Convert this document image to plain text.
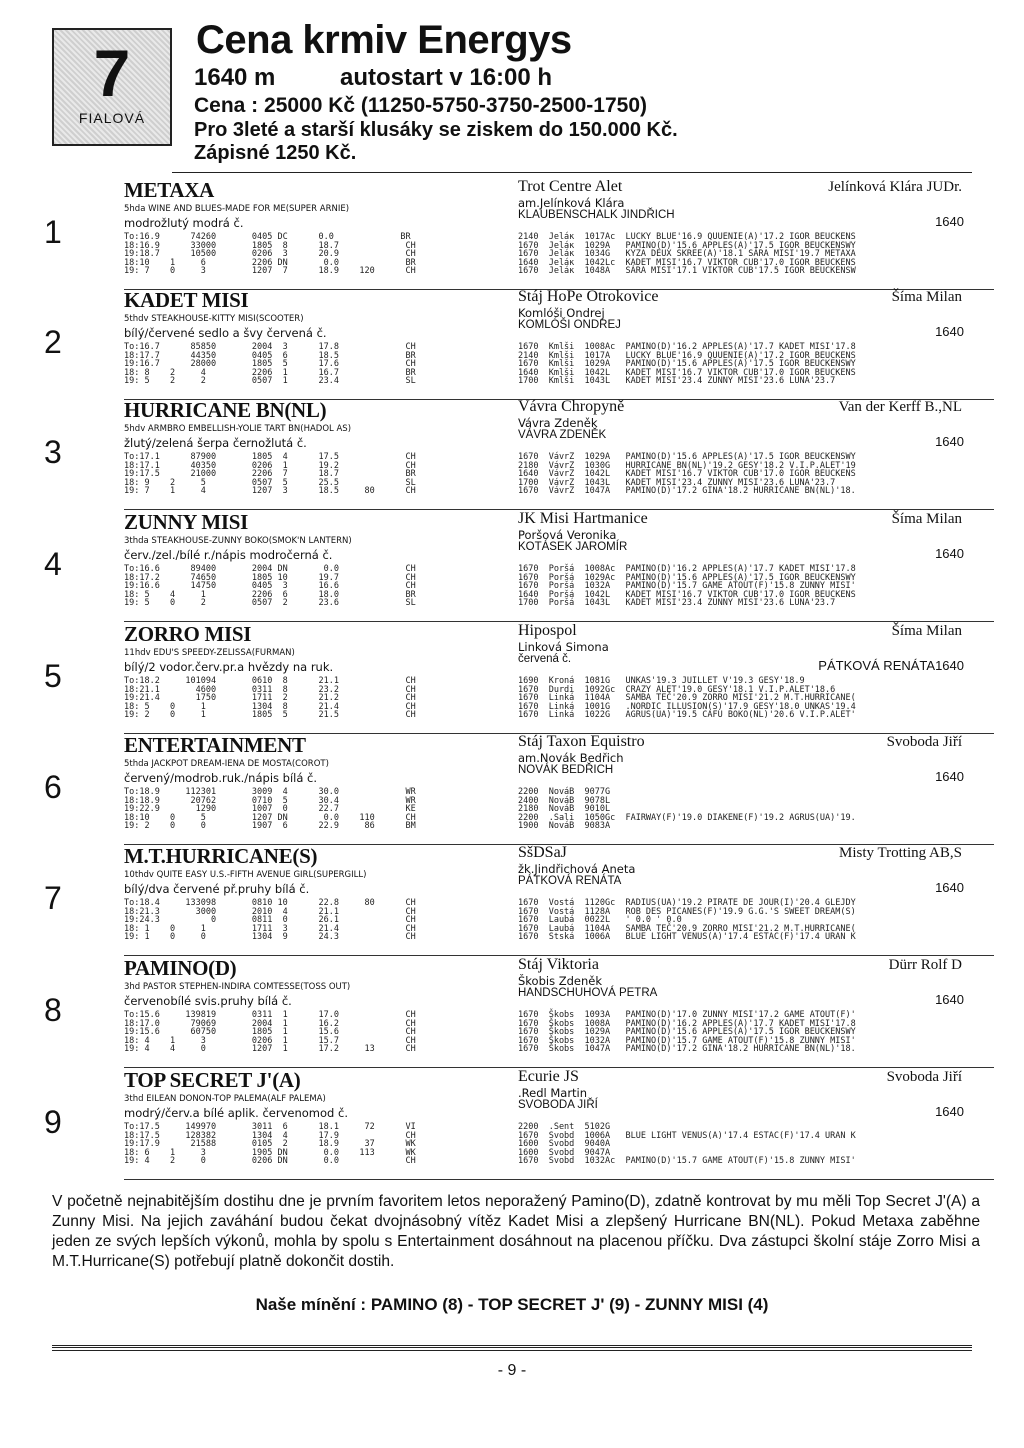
7
FIALOVÁ
Cena krmiv Energys
1640 m	autostart v 16:00 h
Cena : 25000 Kč (11250-5750-3750-2500-1750)
Pro 3leté a starší klusáky se ziskem do 150.000 Kč.
Zápisné 1250 Kč.
1
METAXA
5hda WINE AND BLUES-MADE FOR ME(SUPER ARNIE)
modrožlutý modrá č.
To:16.9      74260       0405 DC      0.0             BR
18:16.9      33000       1805  8      18.7             CH
19:18.7      10500       0206  3      20.9             CH
18:10    1     6         2206 DN       0.0             BR
19: 7    0     3         1207  7      18.9    120      CH
Trot Centre Alet	Jelínková Klára JUDr.
am.Jelínková Klára
KLAUBENSCHALK JINDŘICH	1640
2140  Jeláк  1017Ac  LUCKY BLUE'16.9 QUUENIE(A)'17.2 IGOR BEUCKENS
1670  Jeláк  1029A   PAMINO(D)'15.6 APPLES(A)'17.5 IGOR BEUCKENSWY
1670  Jeláк  1034G   KYZA DEUX SKREE(A)'18.1 SÁRA MISI'19.7 METAXA
1640  Jeláк  1042Lc  KADET MISI'16.7 VIKTOR CUB'17.0 IGOR BEUCKENS
1670  Jeláк  1048A   SÁRA MISI'17.1 VIKTOR CUB'17.5 IGOR BEUCKENSW
2
KADET MISI
5thdv STEAKHOUSE-KITTY MISI(SCOOTER)
bílý/červené sedlo a švy červená č.
To:16.7      85850       2004  3      17.8             CH
18:17.7      44350       0405  6      18.5             BR
19:16.7      28000       1805  5      17.6             CH
18: 8    2     4         2206  1      16.7             BR
19: 5    2     2         0507  1      23.4             SL
Stáj HoPe Otrokovice	Šíma Milan
Komlóši Ondrej
KOMLÓŠI ONDREJ	1640
1670  Kmlši  1008Ac  PAMINO(D)'16.2 APPLES(A)'17.7 KADET MISI'17.8
2140  Kmlši  1017A   LUCKY BLUE'16.9 QUUENIE(A)'17.2 IGOR BEUCKENS
1670  Kmlši  1029A   PAMINO(D)'15.6 APPLES(A)'17.5 IGOR BEUCKENSWY
1640  Kmlši  1042L   KADET MISI'16.7 VIKTOR CUB'17.0 IGOR BEUCKENS
1700  Kmlši  1043L   KADET MISI'23.4 ZUNNY MISI'23.6 LUNA'23.7
3
HURRICANE BN(NL)
5hdv ARMBRO EMBELLISH-YOLIE TART BN(HADOL AS)
žlutý/zelená šerpa černožlutá č.
To:17.1      87900       1805  4      17.5             CH
18:17.1      40350       0206  1      19.2             CH
19:17.5      21000       2206  7      18.7             BR
18: 9    2     5         0507  5      25.5             SL
19: 7    1     4         1207  3      18.5     80      CH
Vávra Chropyně	Van der Kerff B.,NL
Vávra Zdeněk
VÁVRA ZDENĚK	1640
1670  VávrZ  1029A   PAMINO(D)'15.6 APPLES(A)'17.5 IGOR BEUCKENSWY
2180  VávrZ  1030G   HURRICANE BN(NL)'19.2 GESY'18.2 V.I.P.ALET'19
1640  VávrZ  1042L   KADET MISI'16.7 VIKTOR CUB'17.0 IGOR BEUCKENS
1700  VávrZ  1043L   KADET MISI'23.4 ZUNNY MISI'23.6 LUNA'23.7
1670  VávrZ  1047A   PAMINO(D)'17.2 GINA'18.2 HURRICANE BN(NL)'18.
4
ZUNNY MISI
3thda STEAKHOUSE-ZUNNY BOKO(SMOK'N LANTERN)
červ./zel./bílé r./nápis modročerná č.
To:16.6      89400       2004 DN       0.0             CH
18:17.2      74650       1805 10      19.7             CH
19:16.6      14750       0405  3      16.6             CH
18: 5    4     1         2206  6      18.0             BR
19: 5    0     2         0507  2      23.6             SL
JK Misi Hartmanice	Šíma Milan
Poršová Veronika
KOTÁSEK JAROMÍR	1640
1670  Poršá  1008Ac  PAMINO(D)'16.2 APPLES(A)'17.7 KADET MISI'17.8
1670  Poršá  1029Ac  PAMINO(D)'15.6 APPLES(A)'17.5 IGOR BEUCKENSWY
1670  Poršá  1032A   PAMINO(D)'15.7 GAME ATOUT(F)'15.8 ZUNNY MISI'
1640  Poršá  1042L   KADET MISI'16.7 VIKTOR CUB'17.0 IGOR BEUCKENS
1700  Poršá  1043L   KADET MISI'23.4 ZUNNY MISI'23.6 LUNA'23.7
5
ZORRO MISI
11hdv EDU'S SPEEDY-ZELISSA(FURMAN)
bílý/2 vodor.červ.pr.a hvězdy na ruk.
To:18.2     101094       0610  8      21.1             CH
18:21.1       4600       0311  8      23.2             CH
19:21.4       1750       1711  2      21.2             CH
18: 5    0     1         1304  8      21.4             CH
19: 2    0     1         1805  5      21.5             CH
Hipospol	Šíma Milan
Linková Simona
červená č.	PÁTKOVÁ RENÁTA1640
1690  Kroná  1081G   UNKAS'19.3 JUILLET V'19.3 GESY'18.9
1670  Durdi  1092Gc  CRAZY ALET'19.0 GESY'18.1 V.I.P.ALET'18.6
1670  Linká  1104A   SAMBA TEČ'20.9 ZORRO MISI'21.2 M.T.HURRICANE(
1670  Linká  1001G   .NORDIC ILLUSION(S)'17.9 GESY'18.0 UNKAS'19.4
1670  Linká  1022G   AGRUS(UA)'19.5 CAFU BOKO(NL)'20.6 V.I.P.ALET'
6
ENTERTAINMENT
5thda JACKPOT DREAM-IENA DE MOSTA(COROT)
červený/modrob.ruk./nápis bílá č.
To:18.9     112301       3009  4      30.0             WR
18:18.9      20762       0710  5      30.4             WR
19:22.9       1290       1007  0      22.7             KE
18:10    0     5         1207 DN       0.0    110      CH
19: 2    0     0         1907  6      22.9     86      BM
Stáj Taxon Equistro	Svoboda Jiří
am.Novák Bedřich
NOVÁK BEDŘICH	1640
2200  NováB  9077G
2400  NováB  9078L
2180  NováB  9010L
2200  .Sali  1050Gc  FAIRWAY(F)'19.0 DIAKENE(F)'19.2 AGRUS(UA)'19.
1900  NováB  9083A
7
M.T.HURRICANE(S)
10thdv QUITE EASY U.S.-FIFTH AVENUE GIRL(SUPERGILL)
bílý/dva červené př.pruhy bílá č.
To:18.4     133098       0810 10      22.8     80      CH
18:21.3       3000       2010  4      21.1             CH
19:24.3          0       0811  0      26.1             CH
18: 1    0     1         1711  3      21.4             CH
19: 1    0     0         1304  9      24.3             CH
SšDSaJ	Misty Trotting AB,S
žk.Jindřichová Aneta
PÁTKOVÁ RENÁTA	1640
1670  Vostá  1120Gc  RADIUS(UA)'19.2 PIRATE DE JOUR(I)'20.4 GLEJDY
1670  Vostá  1128A   ROB DES PICANES(F)'19.9 G.G.'S SWEET DREAM(S)
1670  Laubá  0022L   ' 0.0 ' 0.0
1670  Laubá  1104A   SAMBA TEČ'20.9 ZORRO MISI'21.2 M.T.HURRICANE(
1670  Stská  1006A   BLUE LIGHT VENUS(A)'17.4 ESTAC(F)'17.4 URAN K
8
PAMINO(D)
3hd PASTOR STEPHEN-INDIRA COMTESSE(TOSS OUT)
červenobílé svis.pruhy bílá č.
To:15.6     139819       0311  1      17.0             CH
18:17.0      79069       2004  1      16.2             CH
19:15.6      60750       1805  1      15.6             CH
18: 4    1     3         0206  1      15.7             CH
19: 4    4     0         1207  1      17.2     13      CH
Stáj Viktoria	Dürr Rolf D
Škobis Zdeněk
HANDSCHUHOVÁ PETRA	1640
1670  Škobs  1093A   PAMINO(D)'17.0 ZUNNY MISI'17.2 GAME ATOUT(F)'
1670  Škobs  1008A   PAMINO(D)'16.2 APPLES(A)'17.7 KADET MISI'17.8
1670  Škobs  1029A   PAMINO(D)'15.6 APPLES(A)'17.5 IGOR BEUCKENSWY
1670  Škobs  1032A   PAMINO(D)'15.7 GAME ATOUT(F)'15.8 ZUNNY MISI'
1670  Škobs  1047A   PAMINO(D)'17.2 GINA'18.2 HURRICANE BN(NL)'18.
9
TOP SECRET J'(A)
3thd EILEAN DONON-TOP PALEMA(ALF PALEMA)
modrý/červ.a bílé aplik. červenomod č.
To:17.5     149970       3011  6      18.1     72      VI
18:17.5     128382       1304  4      17.9             CH
19:17.9      21588       0105  2      18.9     37      WK
18: 6    1     3         1905 DN       0.0    113      WK
19: 4    2     0         0206 DN       0.0             CH
Ecurie JS	Svoboda Jiří
.Redl Martin
SVOBODA JIŘÍ	1640
2200  .Sent  5102G
1670  Svobd  1006A   BLUE LIGHT VENUS(A)'17.4 ESTAC(F)'17.4 URAN K
1600  Svobd  9040A
1600  Svobd  9047A
1670  Svobd  1032Ac  PAMINO(D)'15.7 GAME ATOUT(F)'15.8 ZUNNY MISI'
V početně nejnabitějším dostihu dne je prvním favoritem letos neporažený Pamino(D), zdatně kontrovat by mu měli Top Secret J'(A) a Zunny Misi. Na jejich zaváhání budou čekat dvojnásobný vítěz Kadet Misi a zlepšený Hurricane BN(NL). Pokud Metaxa zaběhne jeden ze svých lepších výkonů, mohla by spolu s Entertainment dosáhnout na placenou příčku. Dva zástupci školní stáje Zorro Misi a M.T.Hurricane(S) potřebují platně dokončit dostih.
Naše mínění : PAMINO (8) - TOP SECRET J' (9) - ZUNNY MISI (4)
- 9 -
